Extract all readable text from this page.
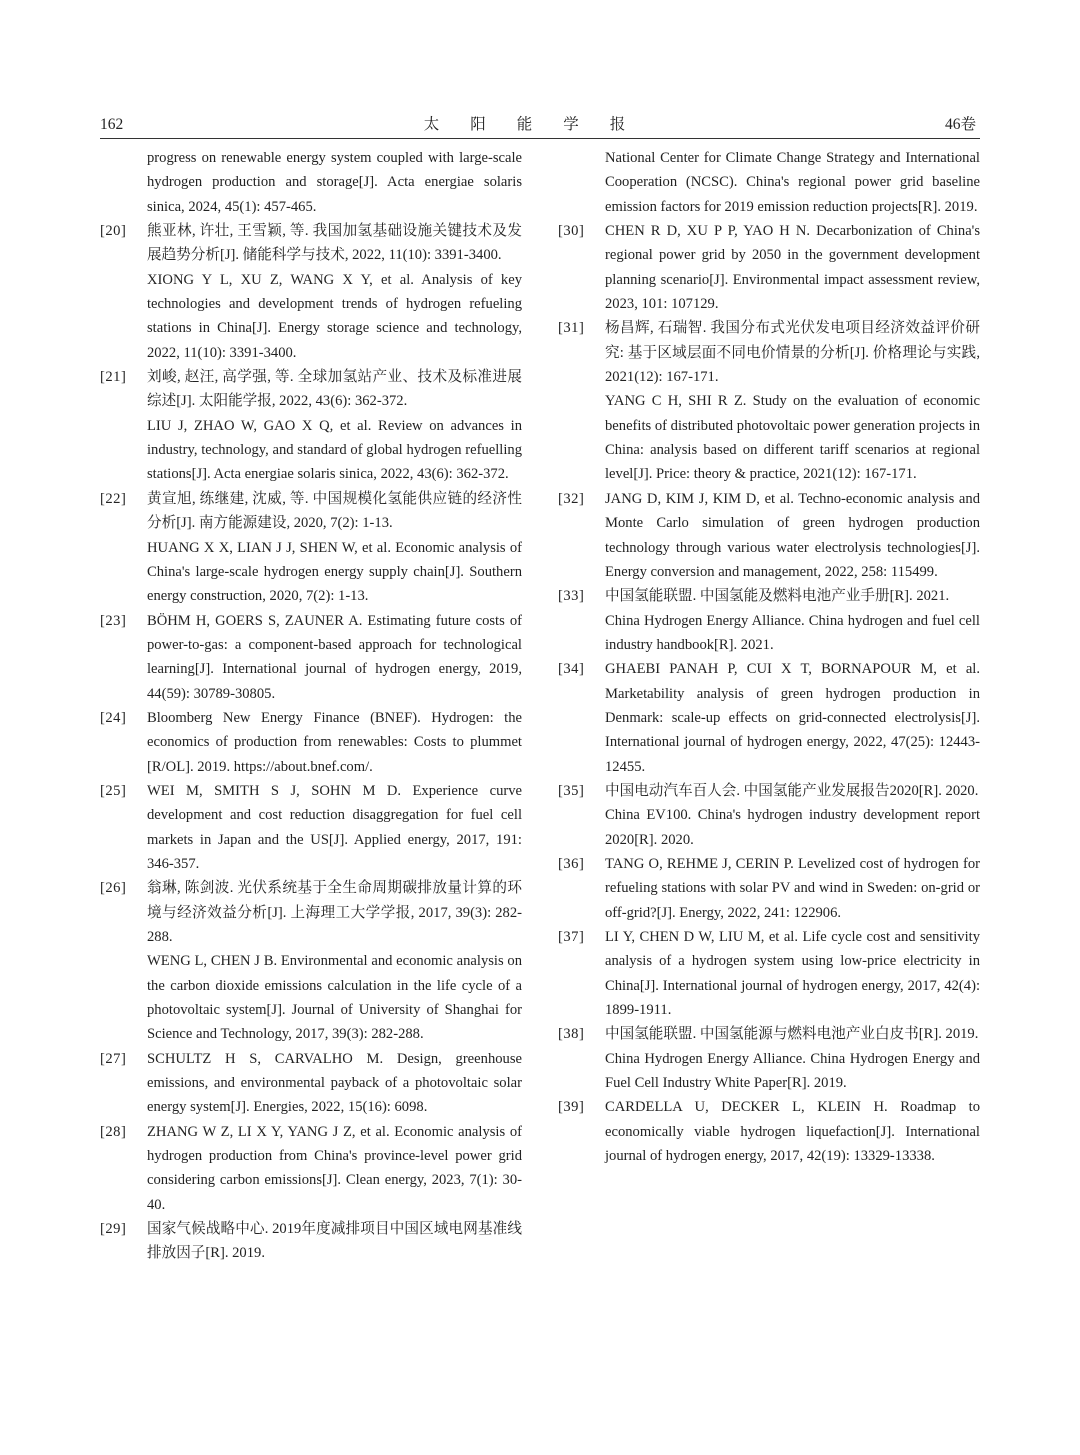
162	太阳能学报	46卷

progress on renewable energy system coupled with large-scale hydrogen production and storage[J]. Acta energiae solaris sinica, 2024, 45(1): 457-465.

[20] 熊亚林, 许壮, 王雪颖, 等. 我国加氢基础设施关键技术及发展趋势分析[J]. 储能科学与技术, 2022, 11(10): 3391-3400.

XIONG Y L, XU Z, WANG X Y, et al. Analysis of key technologies and development trends of hydrogen refueling stations in China[J]. Energy storage science and technology, 2022, 11(10): 3391-3400.

[21] 刘峻, 赵汪, 高学强, 等. 全球加氢站产业、技术及标准进展综述[J]. 太阳能学报, 2022, 43(6): 362-372.

LIU J, ZHAO W, GAO X Q, et al. Review on advances in industry, technology, and standard of global hydrogen refuelling stations[J]. Acta energiae solaris sinica, 2022, 43(6): 362-372.

[22] 黄宣旭, 练继建, 沈威, 等. 中国规模化氢能供应链的经济性分析[J]. 南方能源建设, 2020, 7(2): 1-13.

HUANG X X, LIAN J J, SHEN W, et al. Economic analysis of China's large-scale hydrogen energy supply chain[J]. Southern energy construction, 2020, 7(2): 1-13.

[23] BÖHM H, GOERS S, ZAUNER A. Estimating future costs of power-to-gas: a component-based approach for technological learning[J]. International journal of hydrogen energy, 2019, 44(59): 30789-30805.

[24] Bloomberg New Energy Finance (BNEF). Hydrogen: the economics of production from renewables: Costs to plummet [R/OL]. 2019. https://about.bnef.com/.

[25] WEI M, SMITH S J, SOHN M D. Experience curve development and cost reduction disaggregation for fuel cell markets in Japan and the US[J]. Applied energy, 2017, 191: 346-357.

[26] 翁琳, 陈剑波. 光伏系统基于全生命周期碳排放量计算的环境与经济效益分析[J]. 上海理工大学学报, 2017, 39(3): 282-288.

WENG L, CHEN J B. Environmental and economic analysis on the carbon dioxide emissions calculation in the life cycle of a photovoltaic system[J]. Journal of University of Shanghai for Science and Technology, 2017, 39(3): 282-288.

[27] SCHULTZ H S, CARVALHO M. Design, greenhouse emissions, and environmental payback of a photovoltaic solar energy system[J]. Energies, 2022, 15(16): 6098.

[28] ZHANG W Z, LI X Y, YANG J Z, et al. Economic analysis of hydrogen production from China's province-level power grid considering carbon emissions[J]. Clean energy, 2023, 7(1): 30-40.

[29] 国家气候战略中心. 2019年度减排项目中国区域电网基准线排放因子[R]. 2019.

National Center for Climate Change Strategy and International Cooperation (NCSC). China's regional power grid baseline emission factors for 2019 emission reduction projects[R]. 2019.

[30] CHEN R D, XU P P, YAO H N. Decarbonization of China's regional power grid by 2050 in the government development planning scenario[J]. Environmental impact assessment review, 2023, 101: 107129.

[31] 杨昌辉, 石瑞智. 我国分布式光伏发电项目经济效益评价研究: 基于区域层面不同电价情景的分析[J]. 价格理论与实践, 2021(12): 167-171.

YANG C H, SHI R Z. Study on the evaluation of economic benefits of distributed photovoltaic power generation projects in China: analysis based on different tariff scenarios at regional level[J]. Price: theory & practice, 2021(12): 167-171.

[32] JANG D, KIM J, KIM D, et al. Techno-economic analysis and Monte Carlo simulation of green hydrogen production technology through various water electrolysis technologies[J]. Energy conversion and management, 2022, 258: 115499.

[33] 中国氢能联盟. 中国氢能及燃料电池产业手册[R]. 2021.

China Hydrogen Energy Alliance. China hydrogen and fuel cell industry handbook[R]. 2021.

[34] GHAEBI PANAH P, CUI X T, BORNAPOUR M, et al. Marketability analysis of green hydrogen production in Denmark: scale-up effects on grid-connected electrolysis[J]. International journal of hydrogen energy, 2022, 47(25): 12443-12455.

[35] 中国电动汽车百人会. 中国氢能产业发展报告2020[R]. 2020.

China EV100. China's hydrogen industry development report 2020[R]. 2020.

[36] TANG O, REHME J, CERIN P. Levelized cost of hydrogen for refueling stations with solar PV and wind in Sweden: on-grid or off-grid?[J]. Energy, 2022, 241: 122906.

[37] LI Y, CHEN D W, LIU M, et al. Life cycle cost and sensitivity analysis of a hydrogen system using low-price electricity in China[J]. International journal of hydrogen energy, 2017, 42(4): 1899-1911.

[38] 中国氢能联盟. 中国氢能源与燃料电池产业白皮书[R]. 2019.

China Hydrogen Energy Alliance. China Hydrogen Energy and Fuel Cell Industry White Paper[R]. 2019.

[39] CARDELLA U, DECKER L, KLEIN H. Roadmap to economically viable hydrogen liquefaction[J]. International journal of hydrogen energy, 2017, 42(19): 13329-13338.
